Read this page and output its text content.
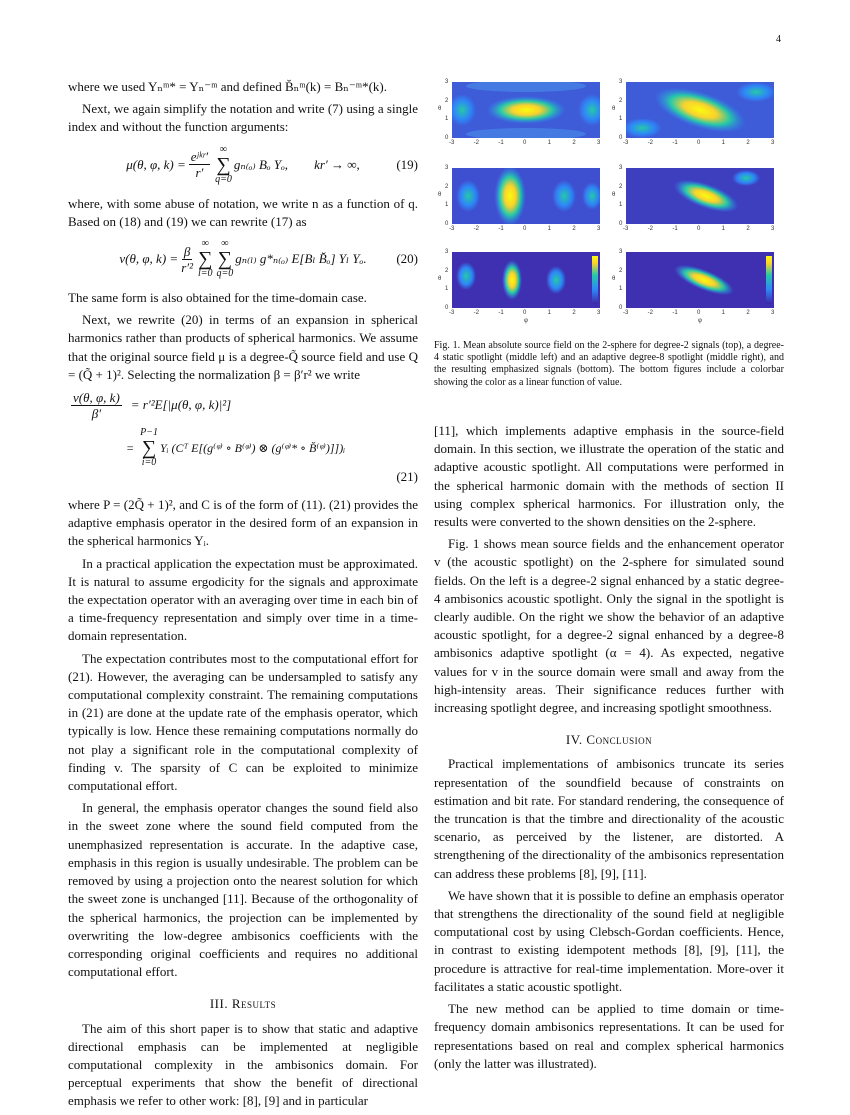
4

where we used Yₙᵐ* = Yₙ⁻ᵐ and defined B̆ₙᵐ(k) = Bₙ⁻ᵐ*(k).

Next, we again simplify the notation and write (7) using a single index and without the function arguments:

μ(θ, φ, $k) = \frac{\text{eʲᵏʳ′}}{r'}$ ∞
∑
q=0
gₙ₍ₒ₎ Bₒ Yₒ, kr′ → ∞,	(19)

where, with some abuse of notation, we write n as a function of q. Based on (18) and (19) we can rewrite (17) as

v(θ, φ, $k) = \frac{\beta}{\text{r′²}}$ ∞
∑
l=0
∞
∑
q=0
gₙ₍ₗ₎ g*ₙ₍ₒ₎ E[Bₗ B̆ₒ] Yₗ Yₒ. (20)

The same form is also obtained for the time-domain case.

Next, we rewrite (20) in terms of an expansion in spherical harmonics rather than products of spherical harmonics. We assume that the original source field μ is a degree-Q̃ source field and use Q = (Q̃ + 1)². Selecting the normalization β = β′r² we write

$\frac{v(\theta, \varphi, k)}{\beta'} = r'^2E[|\mu(\theta$, φ, k)|²]
=
P−1
∑
i=0
Yᵢ (Cᵀ E[(g⁽ᵠ⁾ ∘ B⁽ᵠ⁾) ⊗ (g⁽ᵠ⁾* ∘ B̆⁽ᵠ⁾)]])ᵢ
(21)

where P = (2Q̃ + 1)², and C is of the form of (11). (21) provides the adaptive emphasis operator in the desired form of an expansion in the spherical harmonics Yᵢ.

In a practical application the expectation must be approximated. It is natural to assume ergodicity for the signals and approximate the expectation operator with an averaging over time in each bin of a time-frequency representation and simply over time in a time-domain representation.

The expectation contributes most to the computational effort for (21). However, the averaging can be undersampled to satisfy any computational complexity constraint. The remaining computations in (21) are done at the update rate of the emphasis operator, which typically is low. Hence these remaining computations normally do not play a significant role in the computational complexity of finding v. The sparsity of C can be exploited to minimize computational effort.

In general, the emphasis operator changes the sound field also in the sweet zone where the sound field computed from the unemphasized representation is accurate. In the adaptive case, emphasis in this region is usually undesirable. The problem can be removed by using a projection onto the nearest solution for which the sweet zone is unchanged [11]. Because of the orthogonality of the spherical harmonics, the projection can be implemented by overwriting the low-degree ambisonics coefficients with the corresponding original coefficients and requires no additional computational effort.

III. Results

The aim of this short paper is to show that static and adaptive directional emphasis can be implemented at negligible computational complexity in the ambisonics domain. For perceptual experiments that show the benefit of directional emphasis we refer to other work: [8], [9] and in particular

-3	-2	-1	0	1	2	3
3
2
1
0
θ
-3	-2	-1	0	1	2	3
3
2
1
0
θ
-3	-2	-1	0	1	2	3
3
2
1
0
θ
-3	-2	-1	0	1	2	3
3
2
1
0
θ
-3	-2	-1	0	1	2	3
3
2
1
0
θ
φ
-3	-2	-1	0	1	2	3
3
2
1
0
θ
φ
Fig. 1. Mean absolute source field on the 2-sphere for degree-2 signals (top), a degree-4 static spotlight (middle left) and an adaptive degree-8 spotlight (middle right), and the resulting emphasized signals (bottom). The bottom figures include a colorbar showing the color as a linear function of value.

[11], which implements adaptive emphasis in the source-field domain. In this section, we illustrate the operation of the static and adaptive acoustic spotlight. All computations were performed in the spherical harmonic domain with the methods of section II using complex spherical harmonics. For illustration only, the results were converted to the shown densities on the 2-sphere.

Fig. 1 shows mean source fields and the enhancement operator v (the acoustic spotlight) on the 2-sphere for simulated sound fields. On the left is a degree-2 signal enhanced by a static degree-4 ambisonics acoustic spotlight. Only the signal in the spotlight is clearly audible. On the right we show the behavior of an adaptive acoustic spotlight, for a degree-2 signal enhanced by a degree-8 ambisonics adaptive spotlight (α = 4). As expected, negative values for v in the source domain were small and away from the high-intensity areas. Their significance reduces further with increasing spotlight degree, and increasing spotlight smoothness.

IV. Conclusion

Practical implementations of ambisonics truncate its series representation of the soundfield because of constraints on estimation and bit rate. For standard rendering, the consequence of the truncation is that the timbre and directionality of the acoustic scenario, as perceived by the listener, are distorted. A strengthening of the directionality of the ambisonics representation can address these problems [8], [9], [11].

We have shown that it is possible to define an emphasis operator that strengthens the directionality of the sound field at negligible computational cost by using Clebsch-Gordan coefficients. Hence, in contrast to existing idempotent methods [8], [9], [11], the procedure is attractive for real-time implementation. More-over it facilitates a static acoustic spotlight.

The new method can be applied to time domain or time-frequency domain ambisonics representations. It can be used for representations based on real and complex spherical harmonics (only the latter was illustrated).
